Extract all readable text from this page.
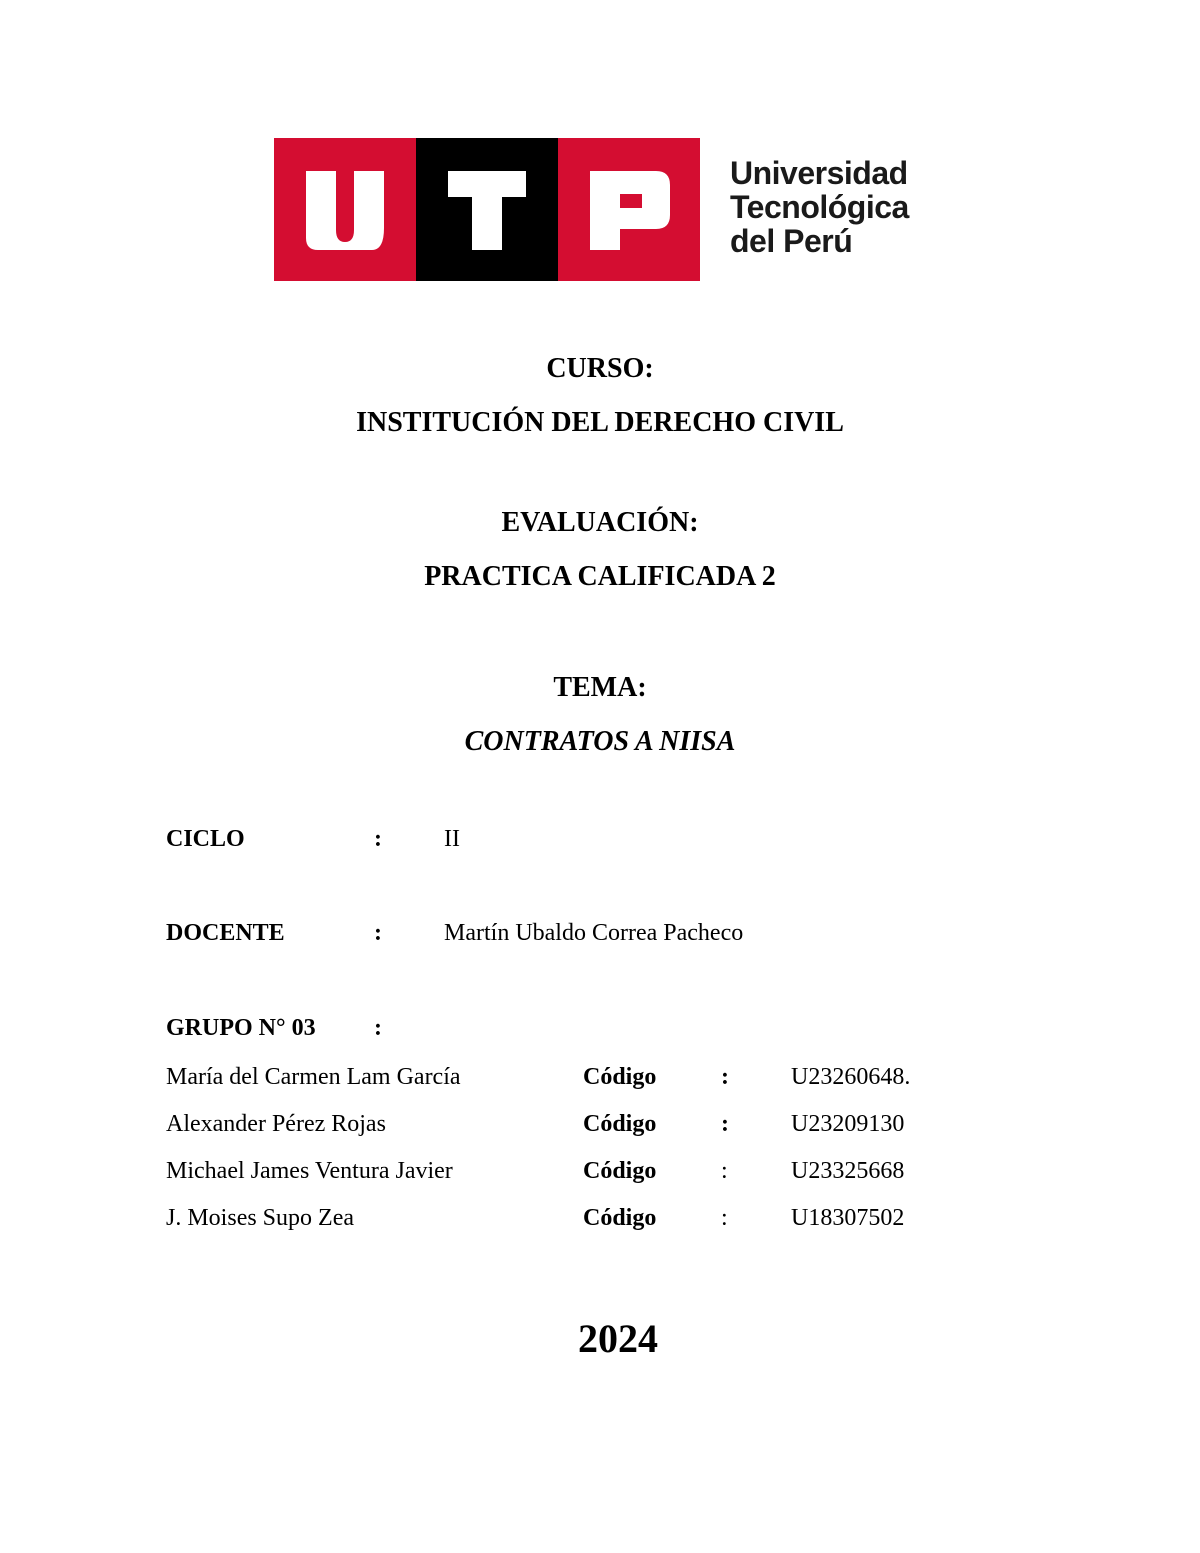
Universidad
Tecnológica
del Perú
CURSO:
INSTITUCIÓN DEL DERECHO CIVIL
EVALUACIÓN:
PRACTICA CALIFICADA 2
TEMA:
CONTRATOS A NIISA
CICLO	:	II
DOCENTE	:	Martín Ubaldo Correa Pacheco
GRUPO N° 03 :
María del Carmen Lam García	Código	:	U23260648.
Alexander Pérez Rojas	Código	:	U23209130
Michael James Ventura Javier	Código	:	U23325668
J. Moises Supo Zea	Código	:	U18307502
2024
